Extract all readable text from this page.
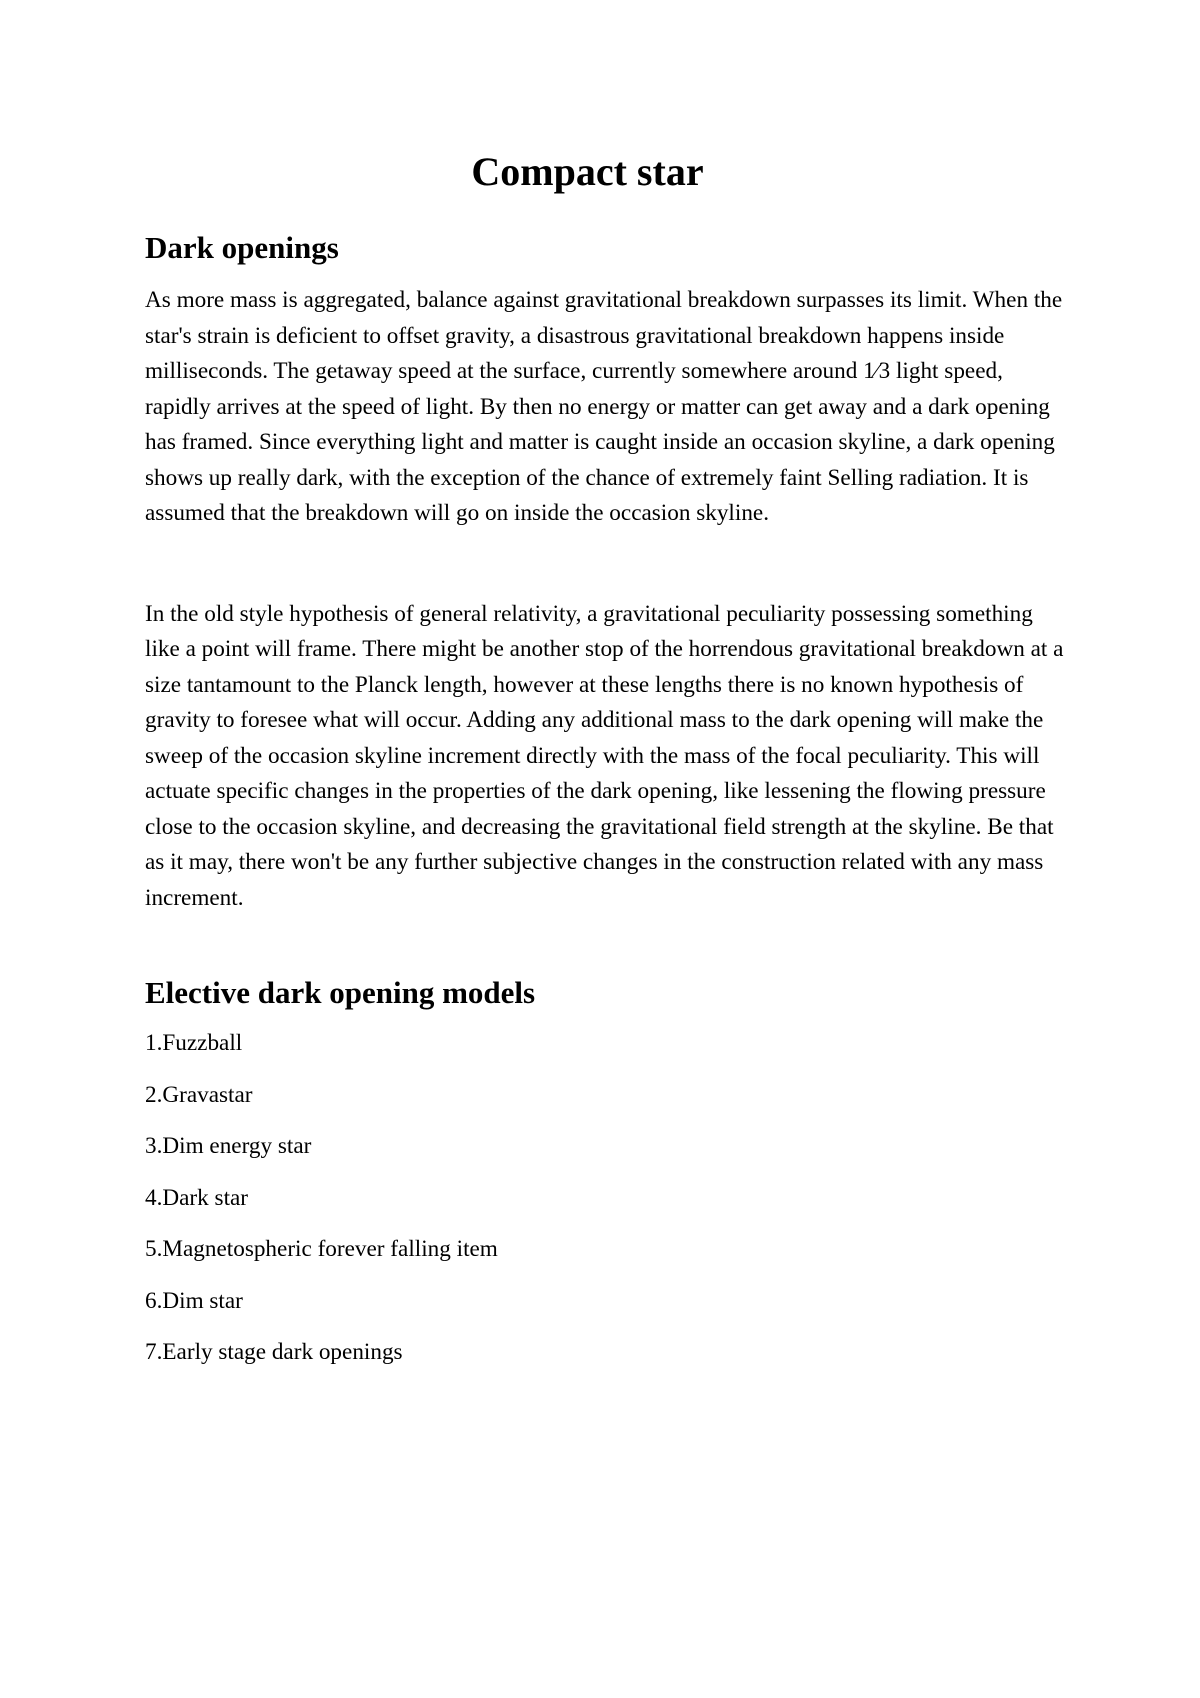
Compact star
Dark openings

As more mass is aggregated, balance against gravitational breakdown surpasses its limit. When the star's strain is deficient to offset gravity, a disastrous gravitational breakdown happens inside milliseconds. The getaway speed at the surface, currently somewhere around 1⁄3 light speed, rapidly arrives at the speed of light. By then no energy or matter can get away and a dark opening has framed. Since everything light and matter is caught inside an occasion skyline, a dark opening shows up really dark, with the exception of the chance of extremely faint Selling radiation. It is assumed that the breakdown will go on inside the occasion skyline.

In the old style hypothesis of general relativity, a gravitational peculiarity possessing something like a point will frame. There might be another stop of the horrendous gravitational breakdown at a size tantamount to the Planck length, however at these lengths there is no known hypothesis of gravity to foresee what will occur. Adding any additional mass to the dark opening will make the sweep of the occasion skyline increment directly with the mass of the focal peculiarity. This will actuate specific changes in the properties of the dark opening, like lessening the flowing pressure close to the occasion skyline, and decreasing the gravitational field strength at the skyline. Be that as it may, there won't be any further subjective changes in the construction related with any mass increment.

Elective dark opening models
1.Fuzzball
2.Gravastar
3.Dim energy star
4.Dark star
5.Magnetospheric forever falling item
6.Dim star
7.Early stage dark openings
